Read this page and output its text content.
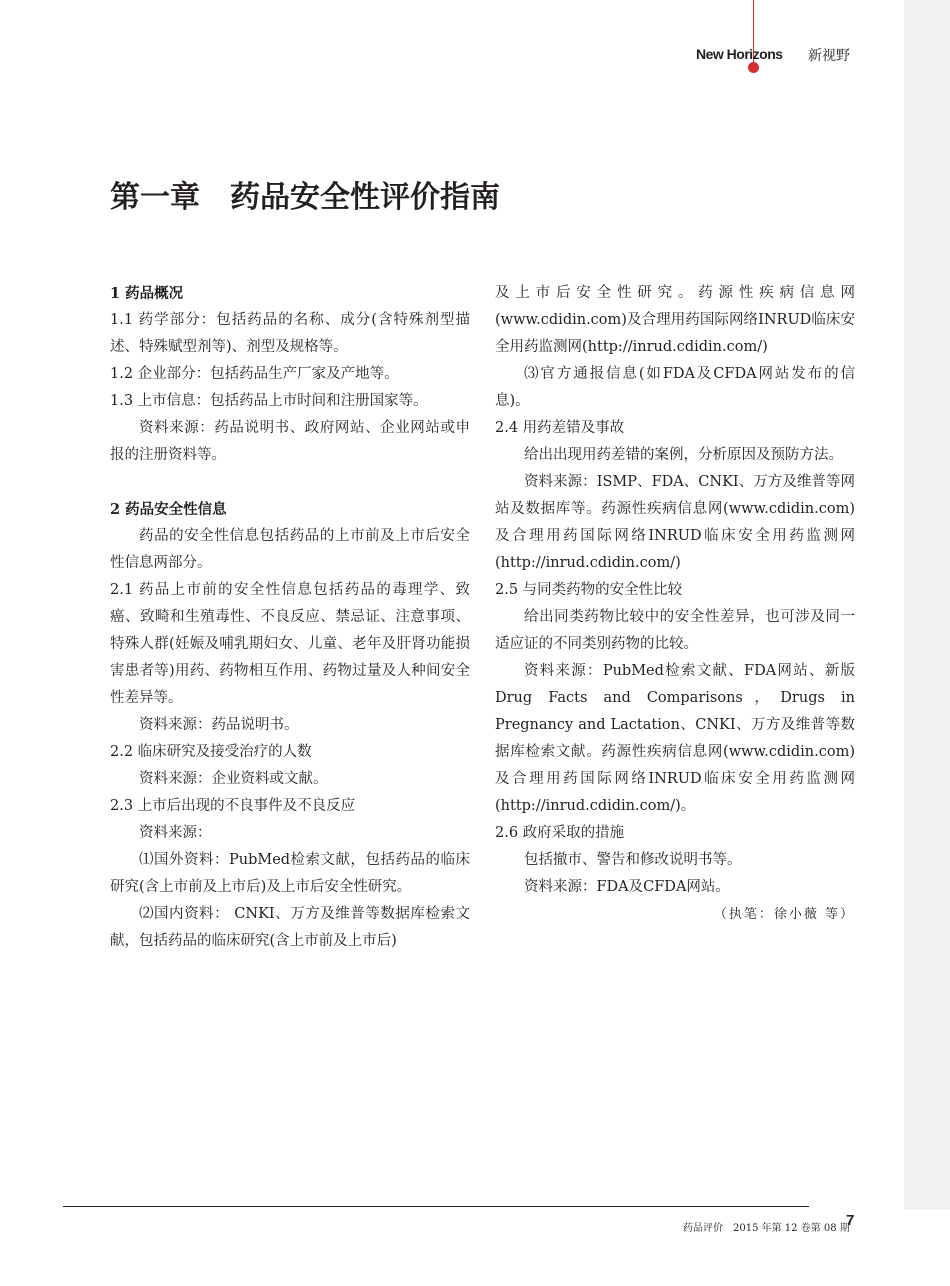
New Horizons 新视野
第一章　药品安全性评价指南

1 药品概况

1.1 药学部分：包括药品的名称、成分(含特殊剂型描述、特殊赋型剂等)、剂型及规格等。

1.2 企业部分：包括药品生产厂家及产地等。

1.3 上市信息：包括药品上市时间和注册国家等。

资料来源：药品说明书、政府网站、企业网站或申报的注册资料等。

2 药品安全性信息

药品的安全性信息包括药品的上市前及上市后安全性信息两部分。

2.1 药品上市前的安全性信息包括药品的毒理学、致癌、致畸和生殖毒性、不良反应、禁忌证、注意事项、特殊人群(妊娠及哺乳期妇女、儿童、老年及肝肾功能损害患者等)用药、药物相互作用、药物过量及人种间安全性差异等。

资料来源：药品说明书。

2.2 临床研究及接受治疗的人数

资料来源：企业资料或文献。

2.3 上市后出现的不良事件及不良反应

资料来源：

⑴国外资料：PubMed检索文献，包括药品的临床研究(含上市前及上市后)及上市后安全性研究。

⑵国内资料： CNKI、万方及维普等数据库检索文献，包括药品的临床研究(含上市前及上市后)

及上市后安全性研究。药源性疾病信息网(www.cdidin.com)及合理用药国际网络INRUD临床安全用药监测网(http://inrud.cdidin.com/)

⑶官方通报信息(如FDA及CFDA网站发布的信息)。

2.4 用药差错及事故

给出出现用药差错的案例，分析原因及预防方法。

资料来源：ISMP、FDA、CNKI、万方及维普等网站及数据库等。药源性疾病信息网(www.cdidin.com)及合理用药国际网络INRUD临床安全用药监测网(http://inrud.cdidin.com/)

2.5 与同类药物的安全性比较

给出同类药物比较中的安全性差异，也可涉及同一适应证的不同类别药物的比较。

资料来源：PubMed检索文献、FDA网站、新版Drug Facts and Comparisons，Drugs in Pregnancy and Lactation、CNKI、万方及维普等数据库检索文献。药源性疾病信息网(www.cdidin.com)及合理用药国际网络INRUD临床安全用药监测网(http://inrud.cdidin.com/)。

2.6 政府采取的措施

包括撤市、警告和修改说明书等。

资料来源：FDA及CFDA网站。

（执笔：徐小薇 等）

药品评价　2015 年第 12 卷第 08 期
7
